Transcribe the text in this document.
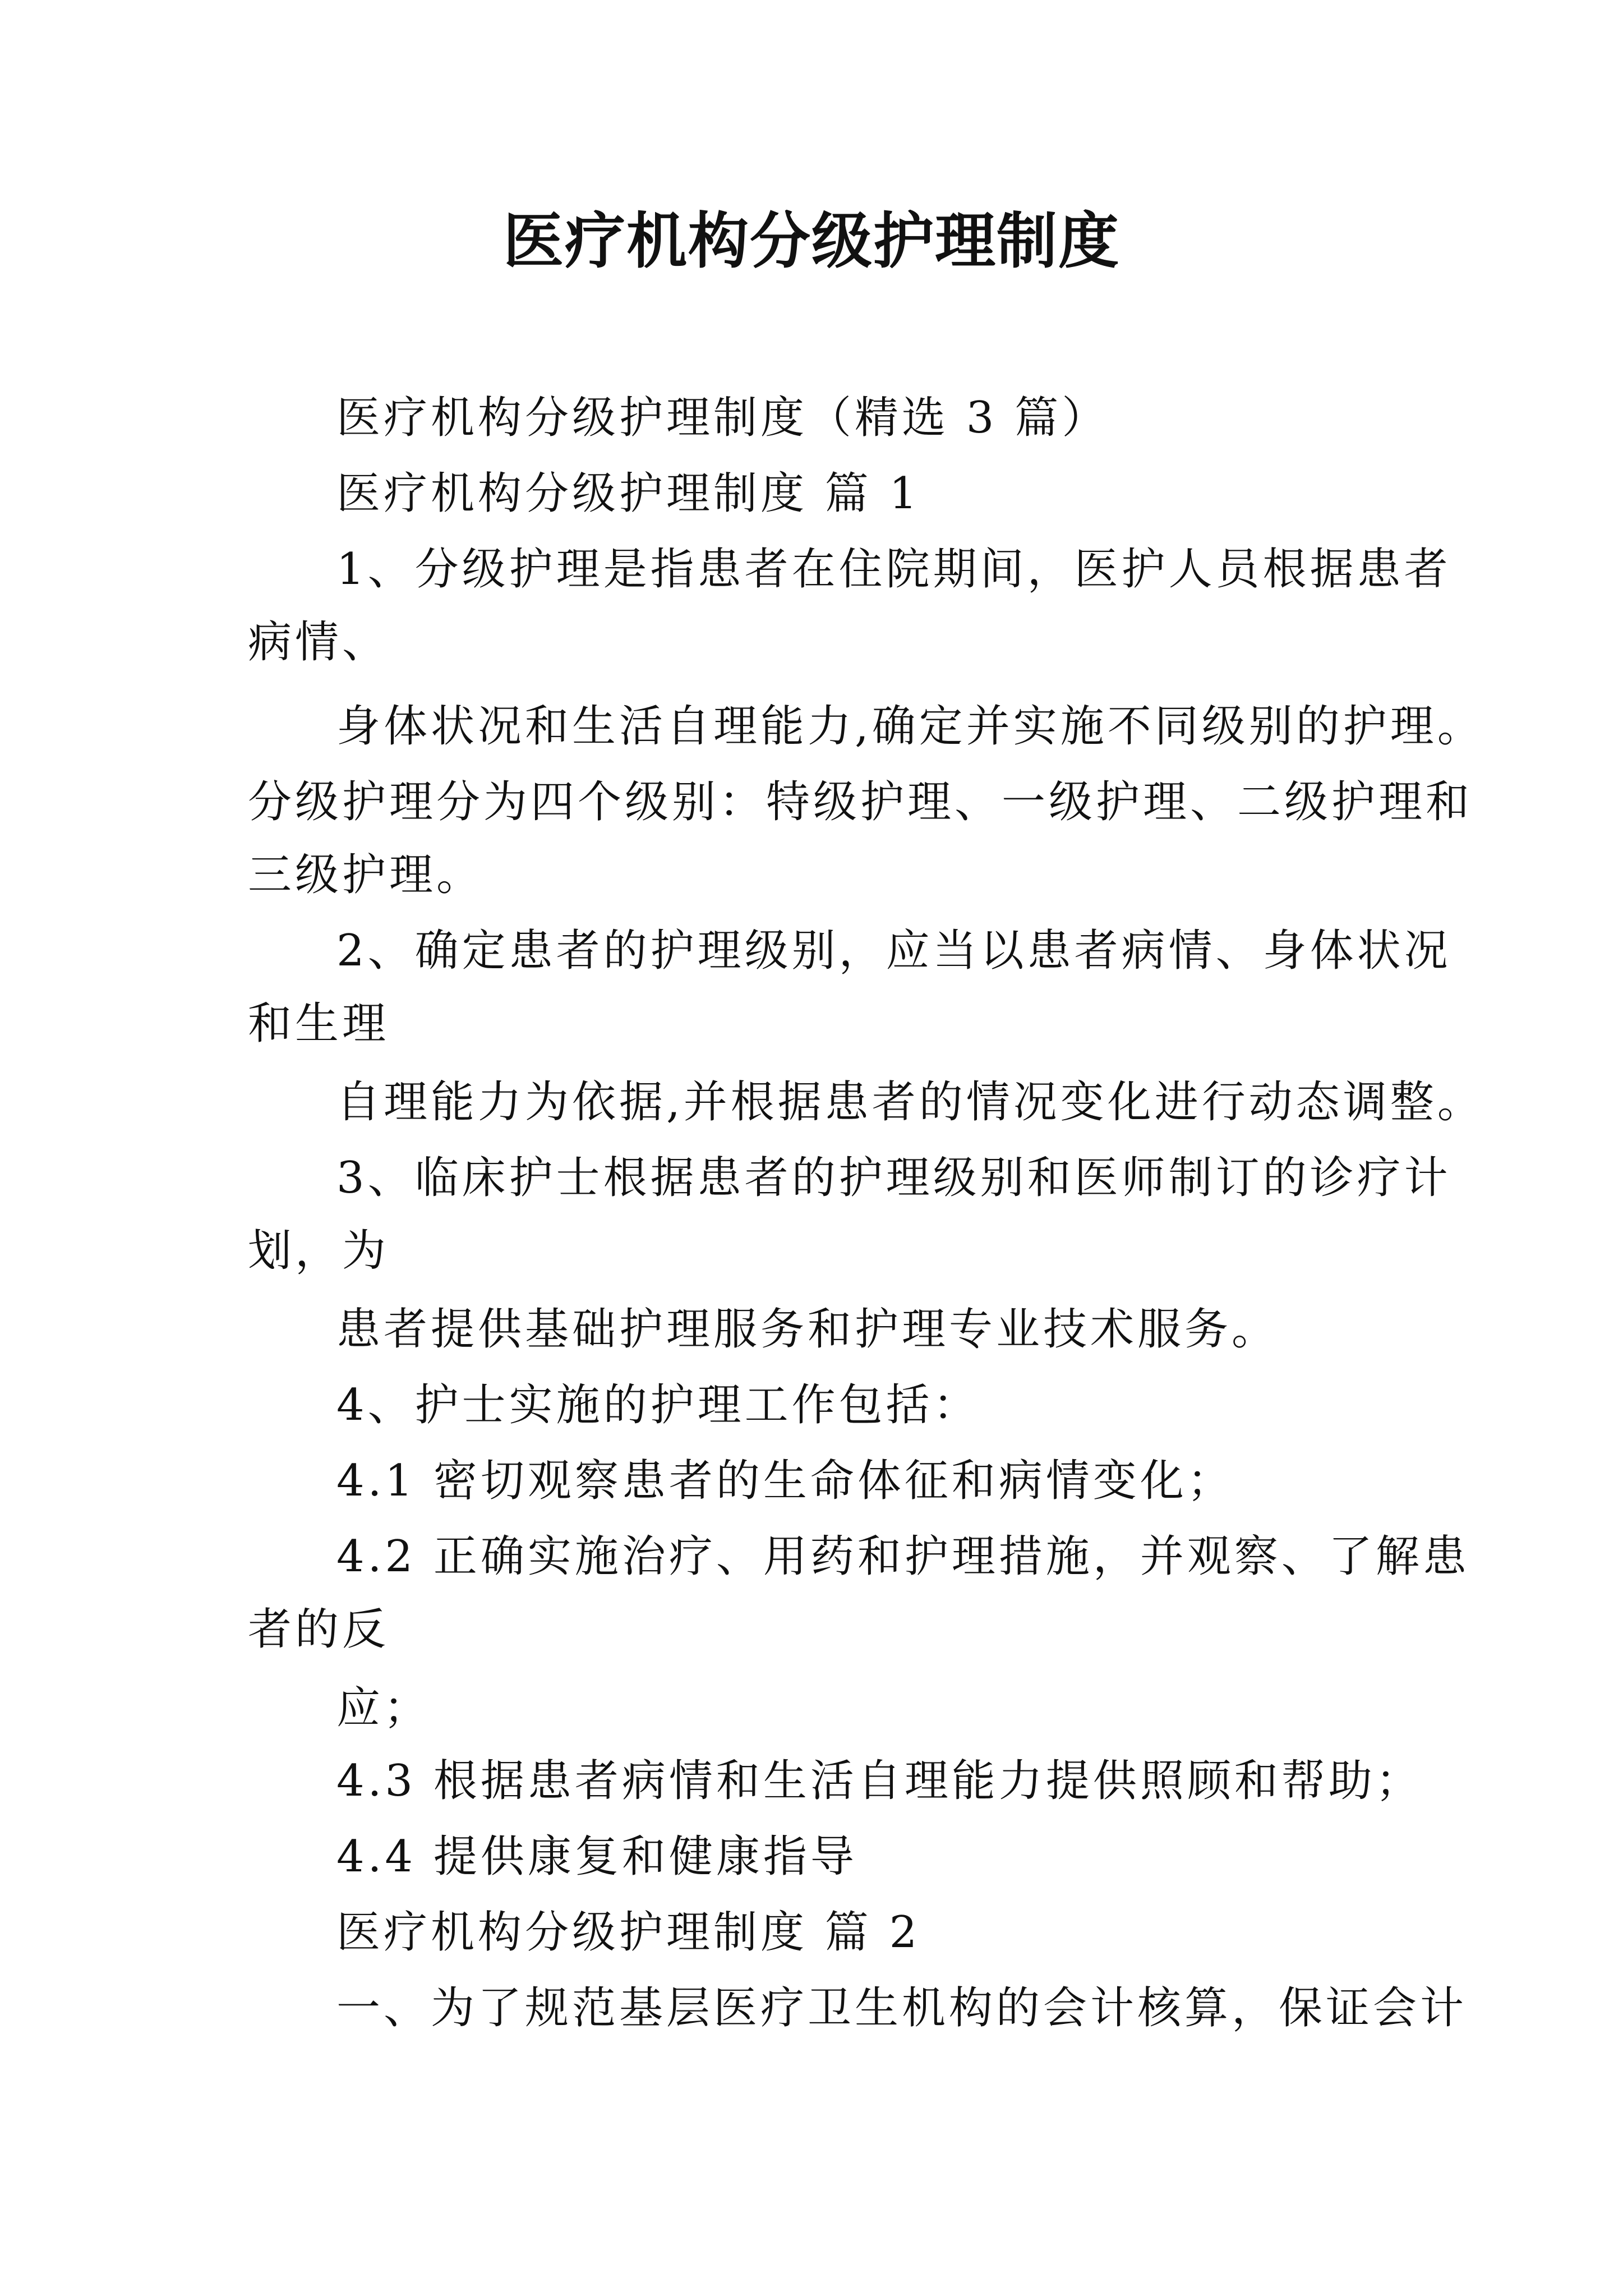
医疗机构分级护理制度
医疗机构分级护理制度（精选 3 篇）
医疗机构分级护理制度 篇 1
1、分级护理是指患者在住院期间，医护人员根据患者
病情、
身体状况和生活自理能力,确定并实施不同级别的护理。
分级护理分为四个级别：特级护理、一级护理、二级护理和
三级护理。
2、确定患者的护理级别，应当以患者病情、身体状况
和生理
自理能力为依据,并根据患者的情况变化进行动态调整。
3、临床护士根据患者的护理级别和医师制订的诊疗计
划，为
患者提供基础护理服务和护理专业技术服务。
4、护士实施的护理工作包括：
4.1 密切观察患者的生命体征和病情变化；
4.2 正确实施治疗、用药和护理措施，并观察、了解患
者的反
应；
4.3 根据患者病情和生活自理能力提供照顾和帮助；
4.4 提供康复和健康指导
医疗机构分级护理制度 篇 2
一、为了规范基层医疗卫生机构的会计核算，保证会计
